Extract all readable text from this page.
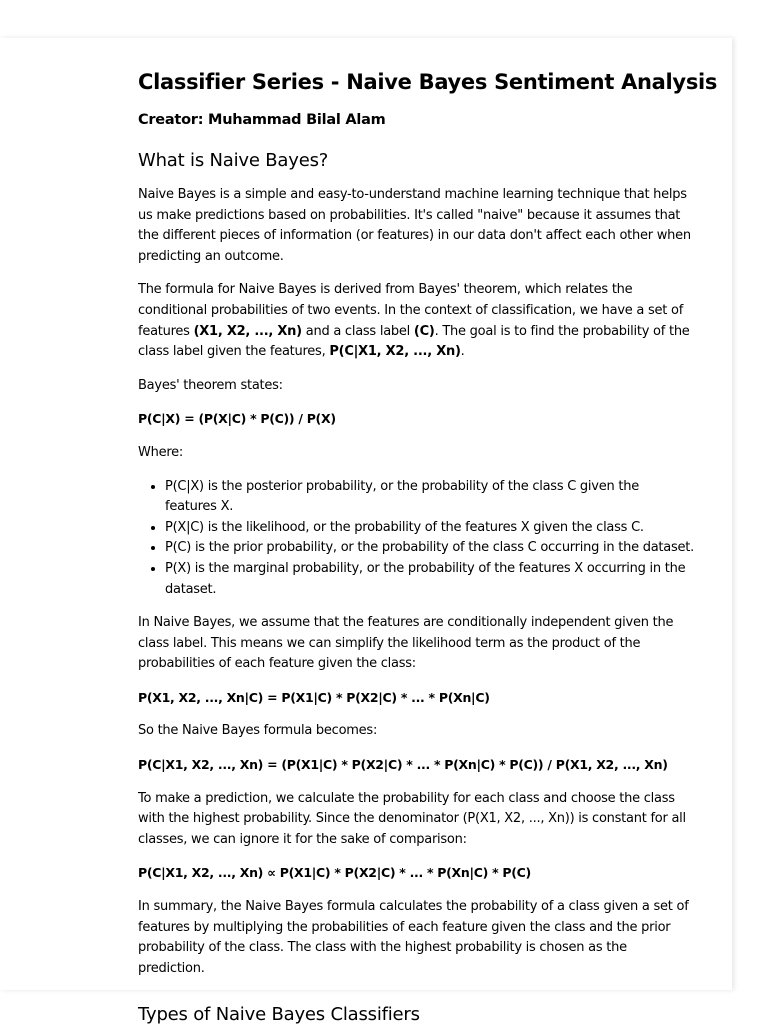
Classifier Series - Naive Bayes Sentiment Analysis

Creator: Muhammad Bilal Alam

What is Naive Bayes?

Naive Bayes is a simple and easy-to-understand machine learning technique that helps us make predictions based on probabilities. It's called "naive" because it assumes that the different pieces of information (or features) in our data don't affect each other when predicting an outcome.

The formula for Naive Bayes is derived from Bayes' theorem, which relates the conditional probabilities of two events. In the context of classification, we have a set of features (X1, X2, ..., Xn) and a class label (C). The goal is to find the probability of the class label given the features, P(C|X1, X2, ..., Xn).

Bayes' theorem states:

P(C|X) = (P(X|C) * P(C)) / P(X)

Where:

• P(C|X) is the posterior probability, or the probability of the class C given the features X.
• P(X|C) is the likelihood, or the probability of the features X given the class C.
• P(C) is the prior probability, or the probability of the class C occurring in the dataset.
• P(X) is the marginal probability, or the probability of the features X occurring in the dataset.

In Naive Bayes, we assume that the features are conditionally independent given the class label. This means we can simplify the likelihood term as the product of the probabilities of each feature given the class:

P(X1, X2, ..., Xn|C) = P(X1|C) * P(X2|C) * ... * P(Xn|C)

So the Naive Bayes formula becomes:

P(C|X1, X2, ..., Xn) = (P(X1|C) * P(X2|C) * ... * P(Xn|C) * P(C)) / P(X1, X2, ..., Xn)

To make a prediction, we calculate the probability for each class and choose the class with the highest probability. Since the denominator (P(X1, X2, ..., Xn)) is constant for all classes, we can ignore it for the sake of comparison:

P(C|X1, X2, ..., Xn) ∝ P(X1|C) * P(X2|C) * ... * P(Xn|C) * P(C)

In summary, the Naive Bayes formula calculates the probability of a class given a set of features by multiplying the probabilities of each feature given the class and the prior probability of the class. The class with the highest probability is chosen as the prediction.

Types of Naive Bayes Classifiers
